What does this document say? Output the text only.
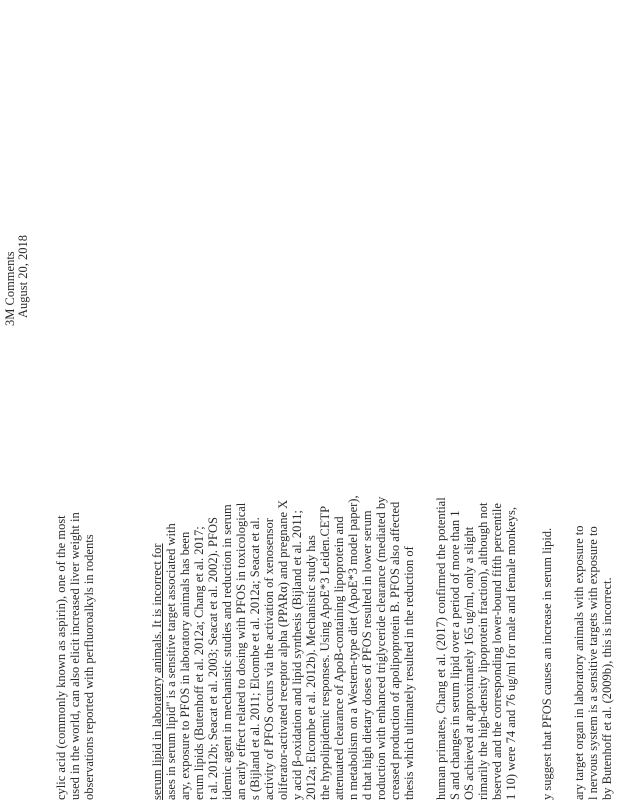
3M Comments August 20, 2018
cylic acid (commonly known as aspirin), one of the most used in the world, can also elicit increased liver weight in observations reported with perfluoroalkyls in rodents	serum lipid in laboratory animals. It is incorrect for ases in serum lipid" is a sensitive target associated with ary, exposure to PFOS in laboratory animals has been erum lipids (Butenhoff et al. 2012a; Chang et al. 2017; t al. 2012b; Seacat et al. 2003; Seacat et al. 2002). PFOS idemic agent in mechanistic studies and reduction in serum an early effect related to dosing with PFOS in toxicological s (Bijland et al. 2011; Elcombe et al. 2012a; Seacat et al. activity of PFOS occurs via the activation of xenosensor oliferator-activated receptor alpha (PPARα) and pregnane X y acid β-oxidation and lipid synthesis (Bijland et al. 2011; 2012a; Elcombe et al. 2012b). Mechanistic study has the hypolipidemic responses. Using ApoE*3 Leiden.CETP attenuated clearance of ApoB-containing lipoprotein and n metabolism on a Western-type diet (ApoE*3 model paper), d that high dietary doses of PFOS resulted in lower serum roduction with enhanced triglyceride clearance (mediated by creased production of apolipoprotein B. PFOS also affected thesis which ultimately resulted in the reduction of human primates, Chang et al. (2017) confirmed the potential S and changes in serum lipid over a period of more than 1 OS achieved at approximately 165 ug/ml, only a slight rimarily the high-density lipoprotein fraction), although not bserved and the corresponding lower-bound fifth percentile 1 10) were 74 and 76 ug/ml for male and female monkeys, y suggest that PFOS causes an increase in serum lipid. ary target organ in laboratory animals with exposure to l nervous system is a sensitive targets with exposure to by Butenhoff et al. (2009b), this is incorrect.
